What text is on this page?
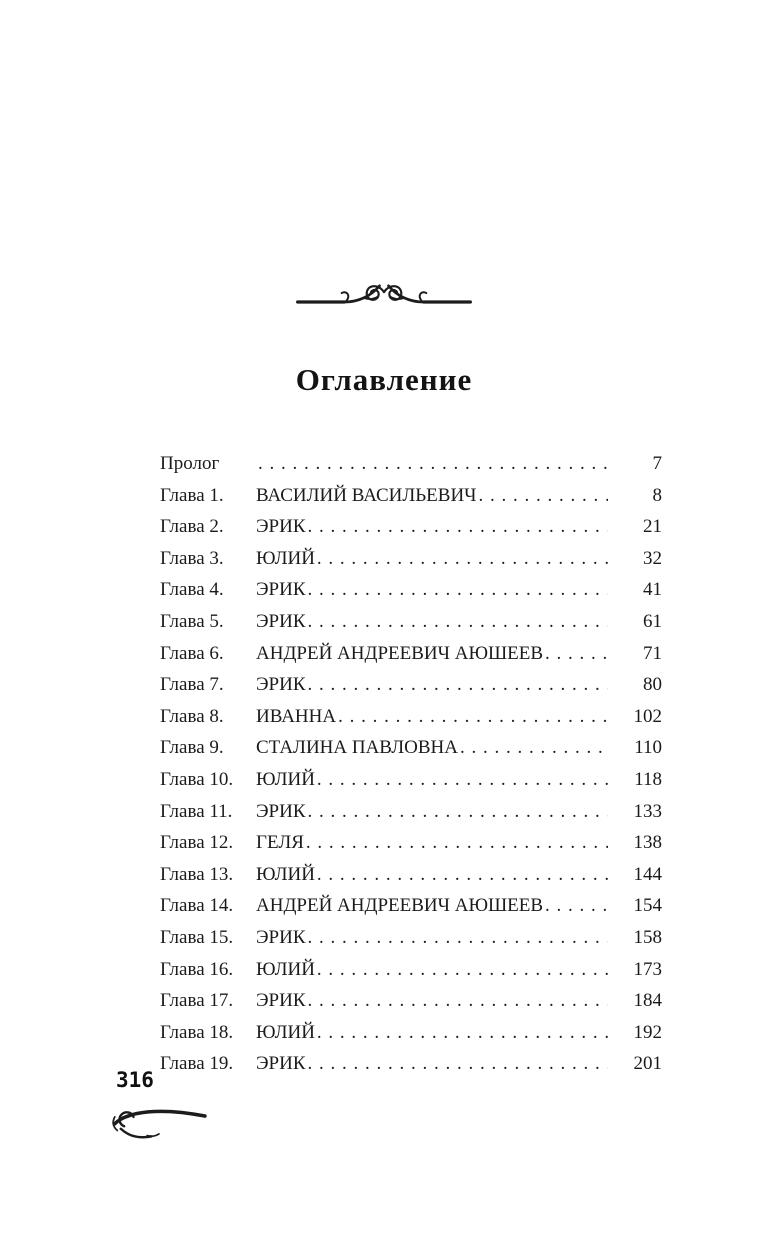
Оглавление
Пролог . . .	7
Глава 1.	ВАСИЛИЙ ВАСИЛЬЕВИЧ . . .	8
Глава 2.	ЭРИК . . .	21
Глава 3.	ЮЛИЙ . . .	32
Глава 4.	ЭРИК . . .	41
Глава 5.	ЭРИК . . .	61
Глава 6.	АНДРЕЙ АНДРЕЕВИЧ АЮШЕЕВ . . .	71
Глава 7.	ЭРИК . . .	80
Глава 8.	ИВАННА . . .	102
Глава 9.	СТАЛИНА ПАВЛОВНА . . .	110
Глава 10.	ЮЛИЙ . . .	118
Глава 11.	ЭРИК . . .	133
Глава 12.	ГЕЛЯ . . .	138
Глава 13.	ЮЛИЙ . . .	144
Глава 14.	АНДРЕЙ АНДРЕЕВИЧ АЮШЕЕВ . . .	154
Глава 15.	ЭРИК . . .	158
Глава 16.	ЮЛИЙ . . .	173
Глава 17.	ЭРИК . . .	184
Глава 18.	ЮЛИЙ . . .	192
Глава 19.	ЭРИК . . .	201
316
